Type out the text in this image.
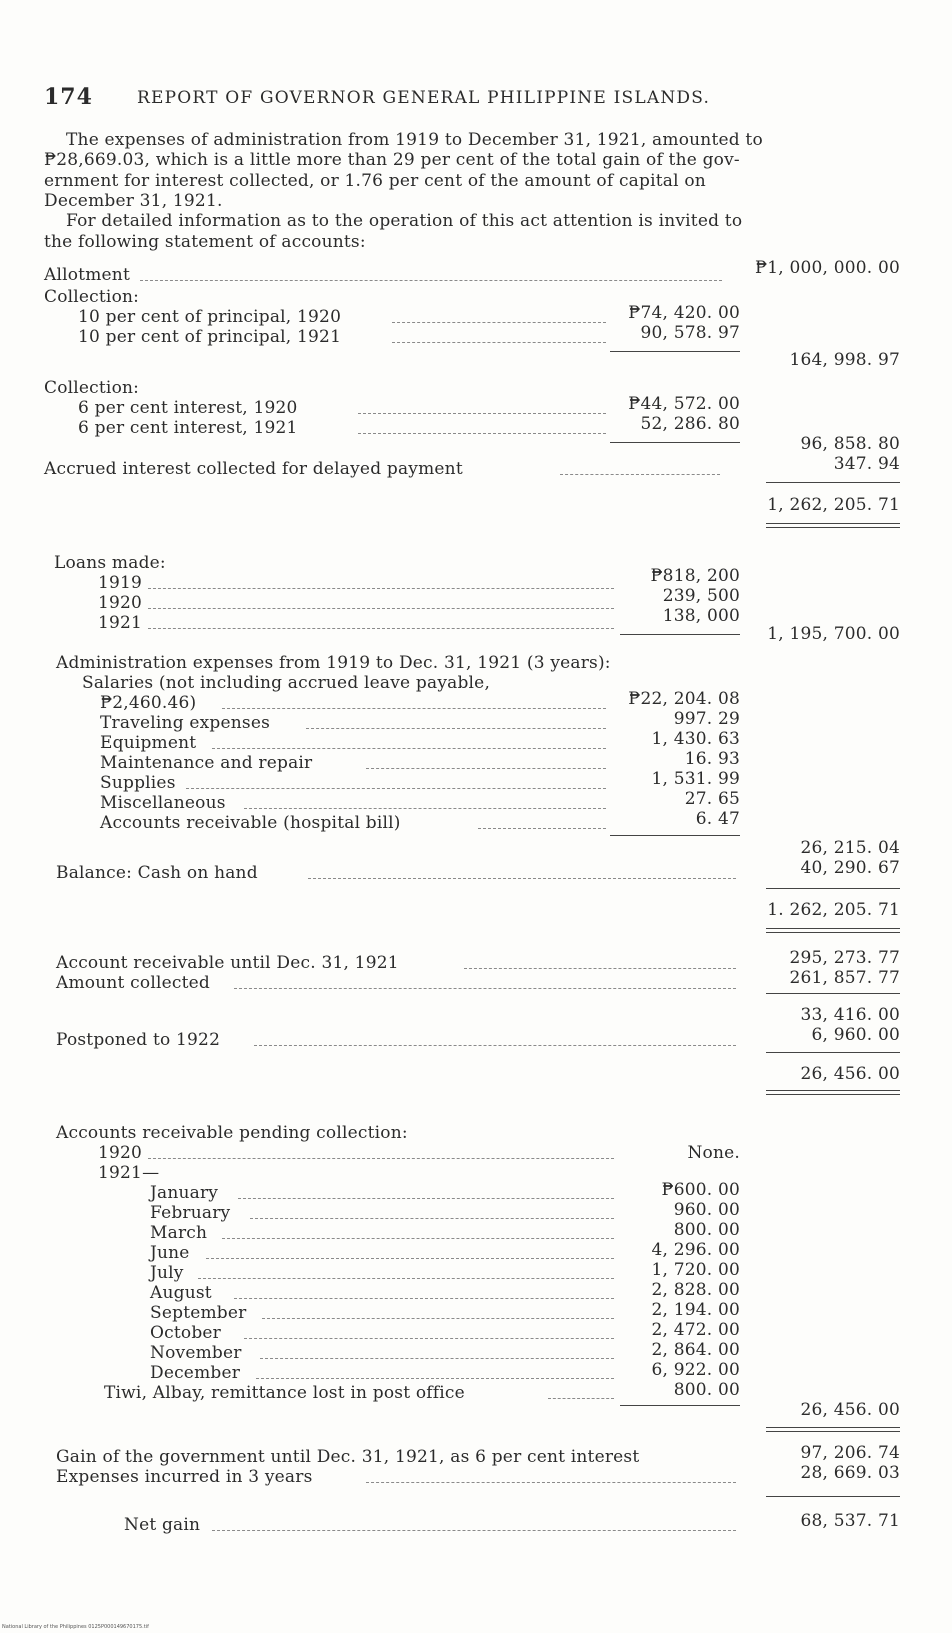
174	REPORT OF GOVERNOR GENERAL PHILIPPINE ISLANDS.
The expenses of administration from 1919 to December 31, 1921, amounted to
₱28,669.03, which is a little more than 29 per cent of the total gain of the gov-
ernment for interest collected, or 1.76 per cent of the amount of capital on
December 31, 1921.
For detailed information as to the operation of this act attention is invited to
the following statement of accounts:
Allotment	₱1, 000, 000. 00
Collection:
10 per cent of principal, 1920	₱74, 420. 00
10 per cent of principal, 1921	90, 578. 97
164, 998. 97
Collection:
6 per cent interest, 1920	₱44, 572. 00
6 per cent interest, 1921	52, 286. 80
96, 858. 80
Accrued interest collected for delayed payment	347. 94
1, 262, 205. 71
Loans made:
1919	₱818, 200
1920	239, 500
1921	138, 000
1, 195, 700. 00
Administration expenses from 1919 to Dec. 31, 1921 (3 years):
Salaries (not including accrued leave payable,
₱2,460.46)	₱22, 204. 08
Traveling expenses	997. 29
Equipment	1, 430. 63
Maintenance and repair	16. 93
Supplies	1, 531. 99
Miscellaneous	27. 65
Accounts receivable (hospital bill)	6. 47
26, 215. 04
Balance: Cash on hand	40, 290. 67
1. 262, 205. 71
Account receivable until Dec. 31, 1921	295, 273. 77
Amount collected	261, 857. 77
33, 416. 00
Postponed to 1922	6, 960. 00
26, 456. 00
Accounts receivable pending collection:
1920	None.
1921—
January	₱600. 00
February	960. 00
March	800. 00
June	4, 296. 00
July	1, 720. 00
August	2, 828. 00
September	2, 194. 00
October	2, 472. 00
November	2, 864. 00
December	6, 922. 00
Tiwi, Albay, remittance lost in post office	800. 00
26, 456. 00
Gain of the government until Dec. 31, 1921, as 6 per cent interest	97, 206. 74
Expenses incurred in 3 years	28, 669. 03
Net gain	68, 537. 71
National Library of the Philippines 0125P000149670175.tif
